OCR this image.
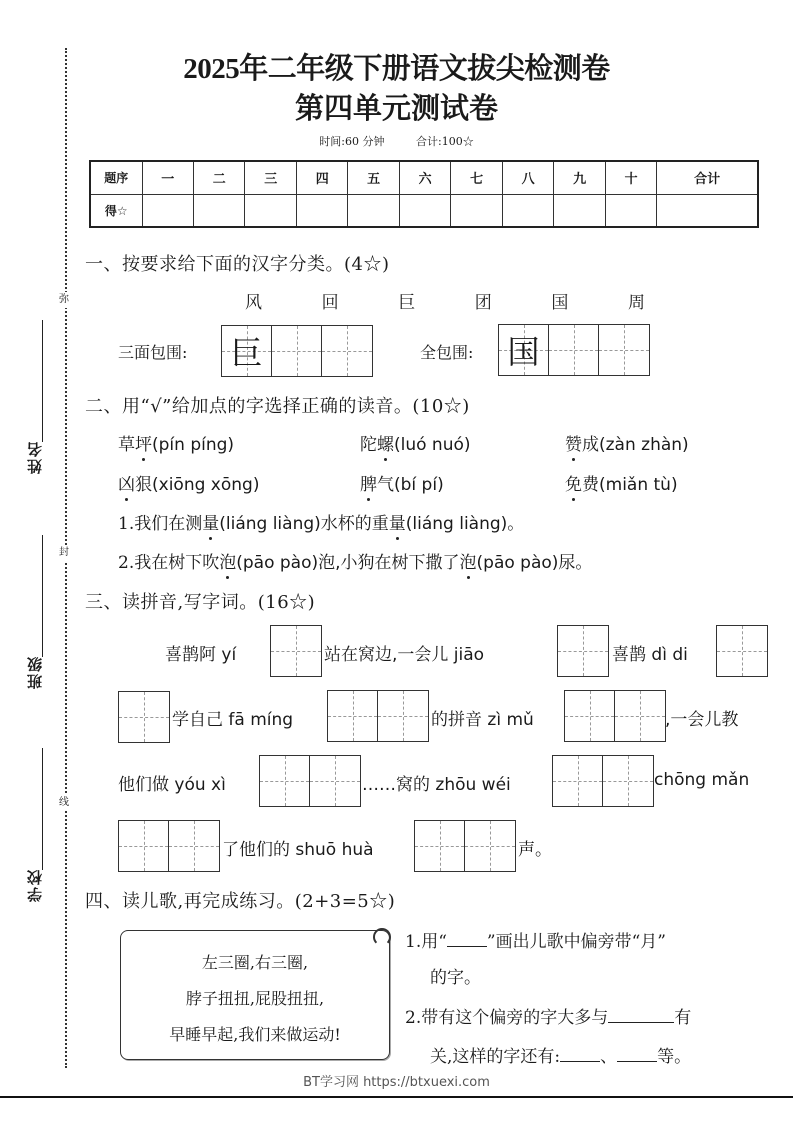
弥
封
线
姓名
班级
学校
2025年二年级下册语文拔尖检测卷
第四单元测试卷
时间:60 分钟	合计:100☆
题序	一	二	三	四	五	六	七	八	九	十	合计
得☆											
一、按要求给下面的汉字分类。(4☆)
风	回	巨	团	国	周
三面包围: 巨	全包围: 国
二、用“√”给加点的字选择正确的读音。(10☆)
草坪(pín píng)	陀螺(luó nuó)	赞成(zàn zhàn)
凶狠(xiōng xōng)	脾气(bí pí)	免费(miǎn tù)
1.我们在测量(liáng liàng)水杯的重量(liáng liàng)。
2.我在树下吹泡(pāo pào)泡,小狗在树下撒了泡(pāo pào)尿。
三、读拼音,写字词。(16☆)
喜鹊阿 yí	站在窝边,一会儿 jiāo	喜鹊 dì di
学自己 fā míng	的拼音 zì mǔ	,一会儿教
他们做 yóu xì	……窝的 zhōu wéi	chōng mǎn
了他们的 shuō huà	声。
四、读儿歌,再完成练习。(2+3=5☆)
左三圈,右三圈,
脖子扭扭,屁股扭扭,
早睡早起,我们来做运动!
1.用“ ”画出儿歌中偏旁带“月”
的字。
2.带有这个偏旁的字大多与	有
关,这样的字还有: 、 等。
BT学习网 https://btxuexi.com
